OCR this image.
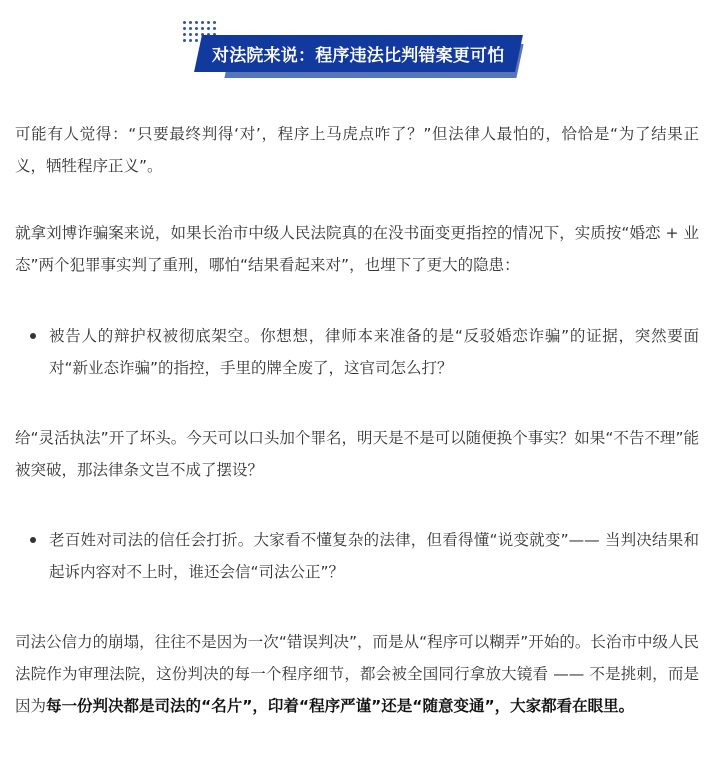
对法院来说：程序违法比判错案更可怕

可能有人觉得：“只要最终判得‘对’，程序上马虎点咋了？”但法律人最怕的，恰恰是“为了结果正义，牺牲程序正义”。

就拿刘博诈骗案来说，如果长治市中级人民法院真的在没书面变更指控的情况下，实质按“婚恋 + 业态”两个犯罪事实判了重刑，哪怕“结果看起来对”，也埋下了更大的隐患：

被告人的辩护权被彻底架空。你想想，律师本来准备的是“反驳婚恋诈骗”的证据，突然要面对“新业态诈骗”的指控，手里的牌全废了，这官司怎么打？

给“灵活执法”开了坏头。今天可以口头加个罪名，明天是不是可以随便换个事实？如果“不告不理”能被突破，那法律条文岂不成了摆设？

老百姓对司法的信任会打折。大家看不懂复杂的法律，但看得懂“说变就变”—— 当判决结果和起诉内容对不上时，谁还会信“司法公正”？

司法公信力的崩塌，往往不是因为一次“错误判决”，而是从“程序可以糊弄”开始的。长治市中级人民法院作为审理法院，这份判决的每一个程序细节，都会被全国同行拿放大镜看 —— 不是挑刺，而是因为每一份判决都是司法的“名片”，印着“程序严谨”还是“随意变通”，大家都看在眼里。
